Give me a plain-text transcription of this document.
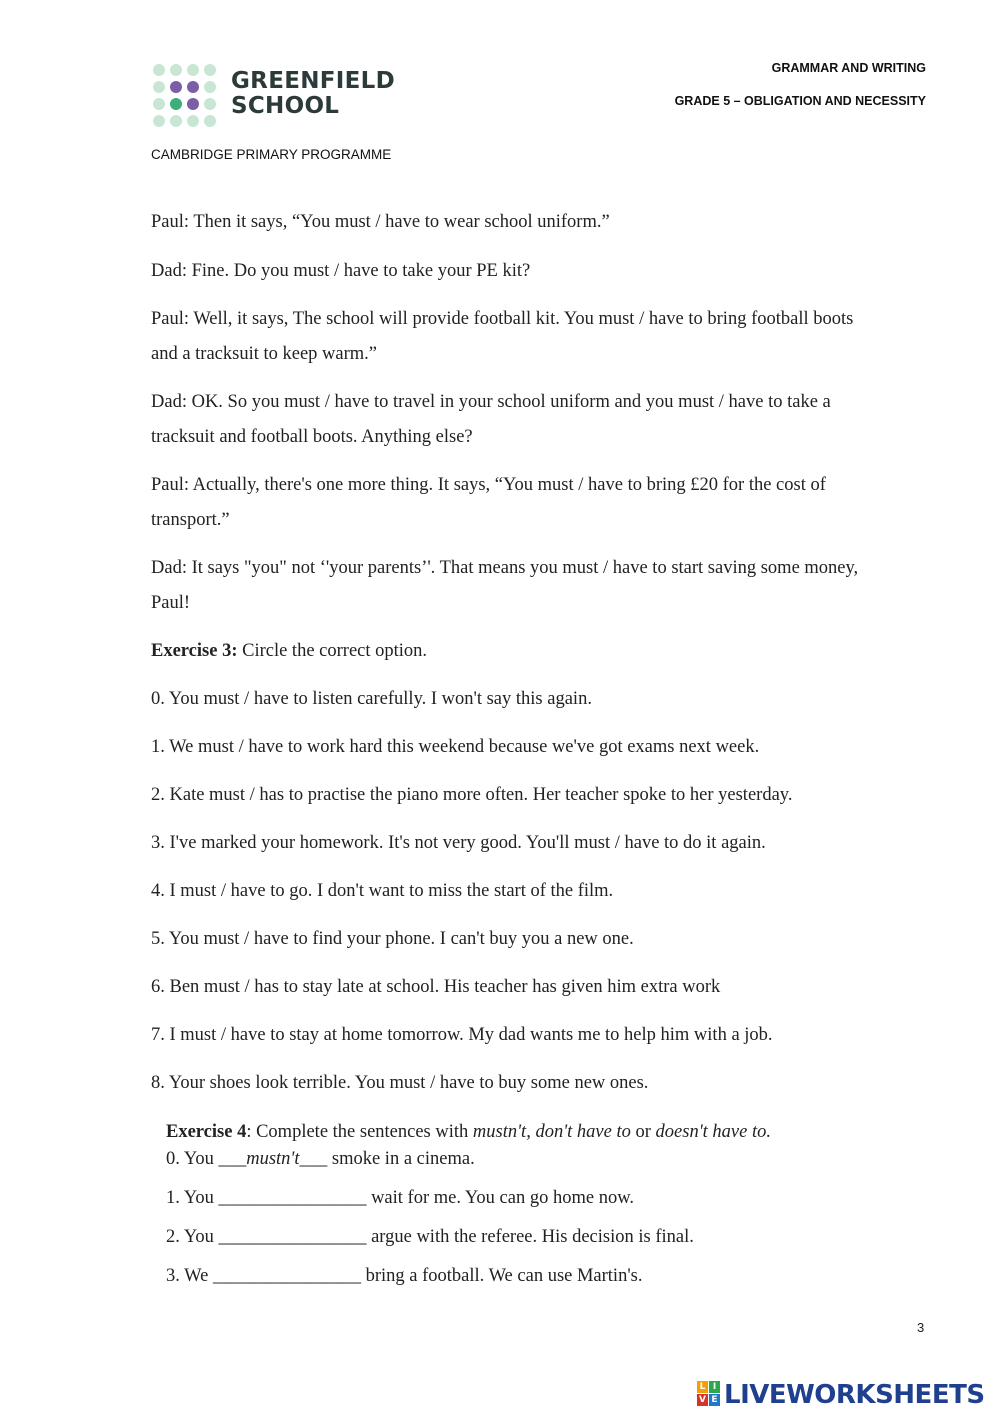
GREENFIELD
SCHOOL
GRAMMAR AND WRITING
GRADE 5 – OBLIGATION AND NECESSITY
CAMBRIDGE PRIMARY PROGRAMME
Paul: Then it says, “You must / have to wear school uniform.”
Dad: Fine. Do you must / have to take your PE kit?
Paul: Well, it says, The school will provide football kit. You must / have to bring football boots
and a tracksuit to keep warm.”
Dad: OK. So you must / have to travel in your school uniform and you must / have to take a
tracksuit and football boots. Anything else?
Paul: Actually, there's one more thing. It says, “You must / have to bring £20 for the cost of
transport.”
Dad: It says "you" not ‘'your parents’'. That means you must / have to start saving some money,
Paul!
Exercise 3: Circle the correct option.
0. You must / have to listen carefully. I won't say this again.
1. We must / have to work hard this weekend because we've got exams next week.
2. Kate must / has to practise the piano more often. Her teacher spoke to her yesterday.
3. I've marked your homework. It's not very good. You'll must / have to do it again.
4. I must / have to go. I don't want to miss the start of the film.
5. You must / have to find your phone. I can't buy you a new one.
6. Ben must / has to stay late at school. His teacher has given him extra work
7. I must / have to stay at home tomorrow. My dad wants me to help him with a job.
8. Your shoes look terrible. You must / have to buy some new ones.
Exercise 4: Complete the sentences with mustn't, don't have to or doesn't have to.
0. You ___mustn't___ smoke in a cinema.
1. You ________________ wait for me. You can go home now.
2. You ________________ argue with the referee. His decision is final.
3. We ________________ bring a football. We can use Martin's.
3
L I
V E LIVEWORKSHEETS
